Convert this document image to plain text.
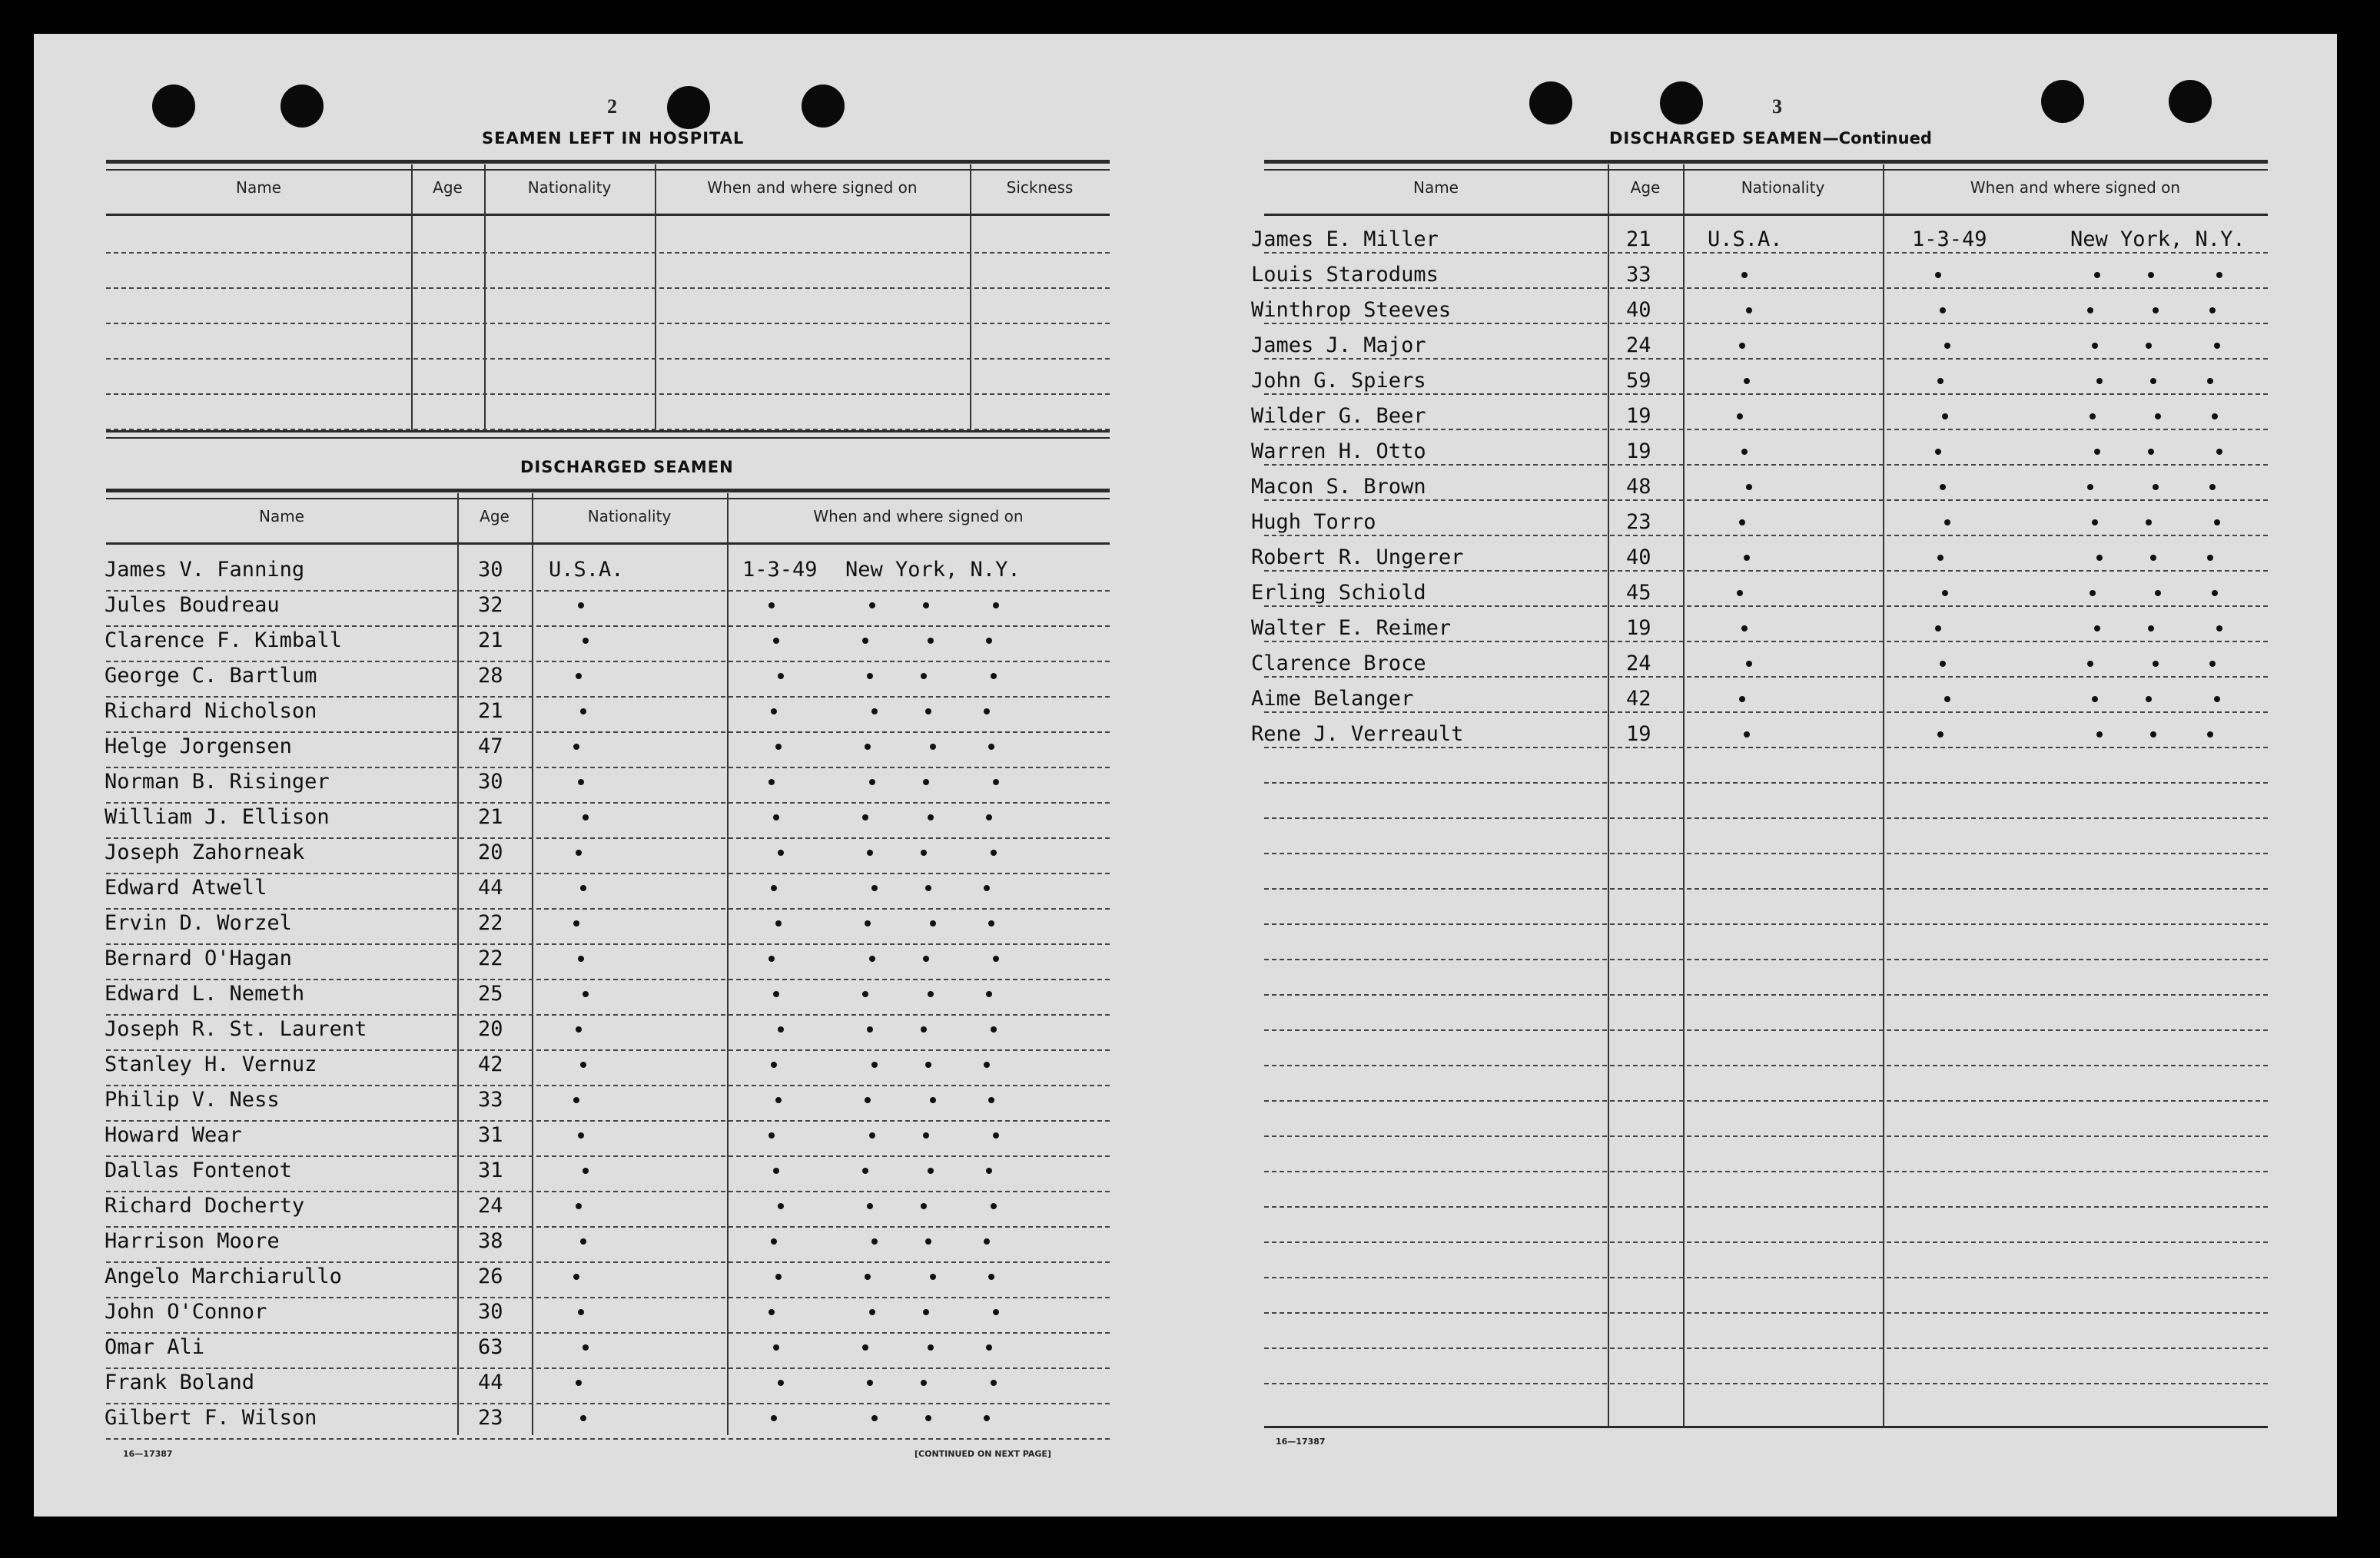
2
SEAMEN LEFT IN HOSPITAL
Name	Age	Nationality	When and where signed on	Sickness
DISCHARGED SEAMEN
Name	Age	Nationality	When and where signed on
James V. Fanning	30 U.S.A.	1-3-49 New York, N.Y.
Jules Boudreau	32
Clarence F. Kimball	21
George C. Bartlum	28
Richard Nicholson	21
Helge Jorgensen	47
Norman B. Risinger	30
William J. Ellison	21
Joseph Zahorneak	20
Edward Atwell	44
Ervin D. Worzel	22
Bernard O'Hagan	22
Edward L. Nemeth	25
Joseph R. St. Laurent	20
Stanley H. Vernuz	42
Philip V. Ness	33
Howard Wear	31
Dallas Fontenot	31
Richard Docherty	24
Harrison Moore	38
Angelo Marchiarullo	26
John O'Connor	30
Omar Ali	63
Frank Boland	44
Gilbert F. Wilson	23
16—17387	[CONTINUED ON NEXT PAGE]
3
DISCHARGED SEAMEN—Continued
Name	Age	Nationality	When and where signed on
James E. Miller	21	U.S.A.	1-3-49	New York, N.Y.
Louis Starodums	33
Winthrop Steeves	40
James J. Major	24
John G. Spiers	59
Wilder G. Beer	19
Warren H. Otto	19
Macon S. Brown	48
Hugh Torro	23
Robert R. Ungerer	40
Erling Schiold	45
Walter E. Reimer	19
Clarence Broce	24
Aime Belanger	42
Rene J. Verreault	19
16—17387
